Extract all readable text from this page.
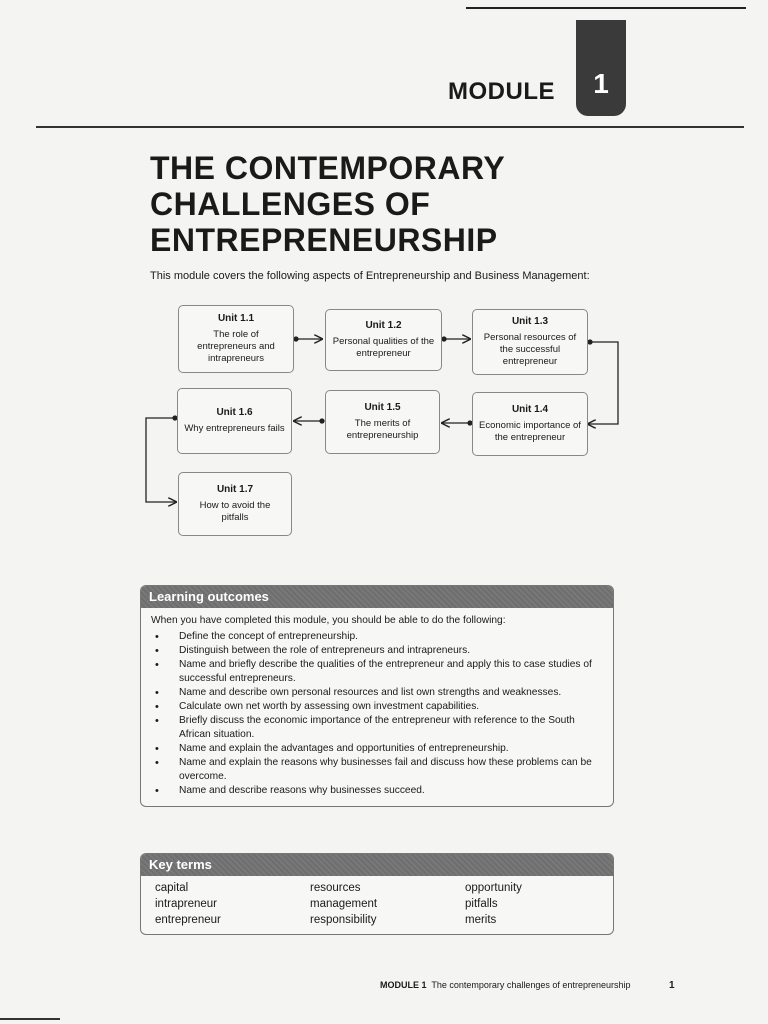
1
MODULE
THE CONTEMPORARY
CHALLENGES OF
ENTREPRENEURSHIP
This module covers the following aspects of Entrepreneurship and Business Management:
Unit 1.1
The role of entrepreneurs and intrapreneurs
Unit 1.2
Personal qualities of the entrepreneur
Unit 1.3
Personal resources of the successful entrepreneur
Unit 1.4
Economic importance of the entrepreneur
Unit 1.5
The merits of entrepreneurship
Unit 1.6
Why entrepreneurs fails
Unit 1.7
How to avoid the pitfalls
Learning outcomes
When you have completed this module, you should be able to do the following:
• Define the concept of entrepreneurship.
• Distinguish between the role of entrepreneurs and intrapreneurs.
• Name and briefly describe the qualities of the entrepreneur and apply this to case studies of successful entrepreneurs.
• Name and describe own personal resources and list own strengths and weaknesses.
• Calculate own net worth by assessing own investment capabilities.
• Briefly discuss the economic importance of the entrepreneur with reference to the South African situation.
• Name and explain the advantages and opportunities of entrepreneurship.
• Name and explain the reasons why businesses fail and discuss how these problems can be overcome.
• Name and describe reasons why businesses succeed.
Key terms
capital
intrapreneur
entrepreneur
resources
management
responsibility
opportunity
pitfalls
merits
MODULE 1 The contemporary challenges of entrepreneurship	1
